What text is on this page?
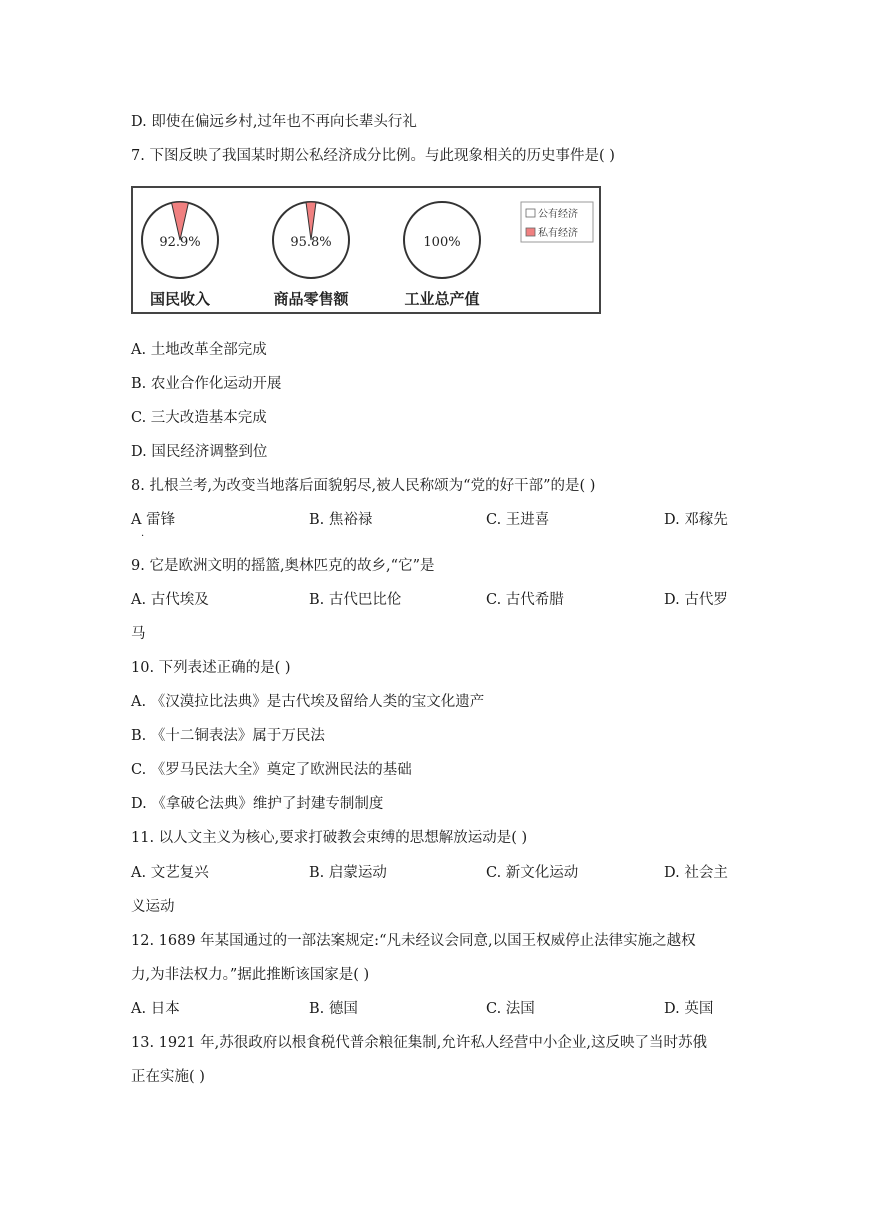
D. 即使在偏远乡村,过年也不再向长辈头行礼
7. 下图反映了我国某时期公私经济成分比例。与此现象相关的历史事件是( )
92.9%
国民收入
95.8%
商品零售额
100%
工业总产值
公有经济
私有经济
A. 土地改革全部完成
B. 农业合作化运动开展
C. 三大改造基本完成
D. 国民经济调整到位
8. 扎根兰考,为改变当地落后面貌躬尽,被人民称颂为“党的好干部”的是( )
A 雷锋	B. 焦裕禄	C. 王进喜	D. 邓稼先
·
9. 它是欧洲文明的摇篮,奥林匹克的故乡,“它”是
A. 古代埃及	B. 古代巴比伦	C. 古代希腊	D. 古代罗
马
10. 下列表述正确的是( )
A. 《汉漠拉比法典》是古代埃及留给人类的宝文化遗产
B. 《十二铜表法》属于万民法
C. 《罗马民法大全》奠定了欧洲民法的基础
D. 《拿破仑法典》维护了封建专制制度
11. 以人文主义为核心,要求打破教会束缚的思想解放运动是( )
A. 文艺复兴	B. 启蒙运动	C. 新文化运动	D. 社会主
义运动
12. 1689 年某国通过的一部法案规定:“凡未经议会同意,以国王权威停止法律实施之越权
力,为非法权力。”据此推断该国家是( )
A. 日本	B. 德国	C. 法国	D. 英国
13. 1921 年,苏很政府以根食税代普余粮征集制,允许私人经营中小企业,这反映了当时苏俄
正在实施( )
